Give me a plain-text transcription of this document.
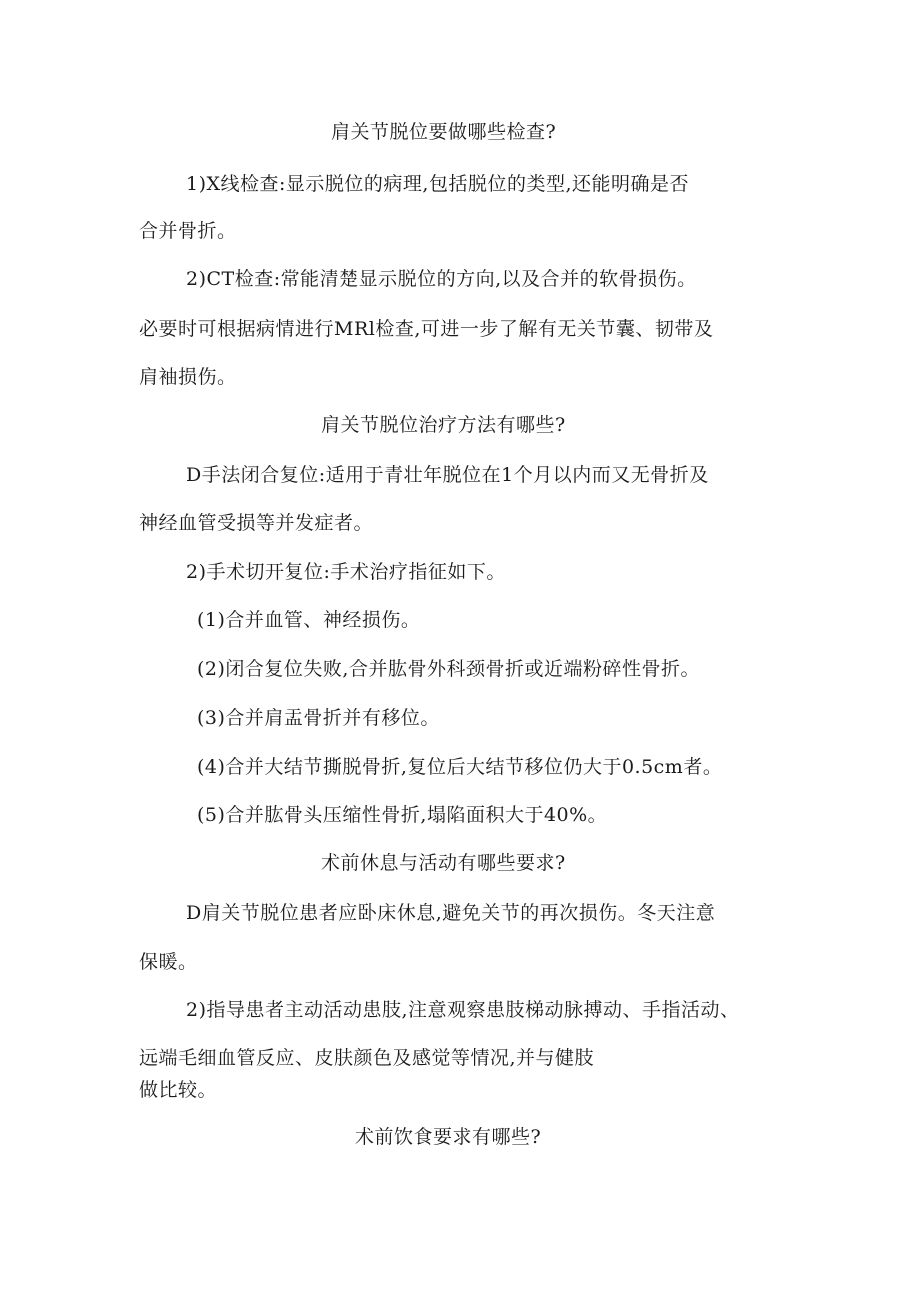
肩关节脱位要做哪些检查?
1)X线检查:显示脱位的病理,包括脱位的类型,还能明确是否
合并骨折。
2)CT检查:常能清楚显示脱位的方向,以及合并的软骨损伤。
必要时可根据病情进行MRl检查,可进一步了解有无关节囊、韧带及
肩袖损伤。
肩关节脱位治疗方法有哪些?
D手法闭合复位:适用于青壮年脱位在1个月以内而又无骨折及
神经血管受损等并发症者。
2)手术切开复位:手术治疗指征如下。
(1)合并血管、神经损伤。
(2)闭合复位失败,合并肱骨外科颈骨折或近端粉碎性骨折。
(3)合并肩盂骨折并有移位。
(4)合并大结节撕脱骨折,复位后大结节移位仍大于0.5cm者。
(5)合并肱骨头压缩性骨折,塌陷面积大于40%。
术前休息与活动有哪些要求?
D肩关节脱位患者应卧床休息,避免关节的再次损伤。冬天注意
保暖。
2)指导患者主动活动患肢,注意观察患肢梯动脉搏动、手指活动、
远端毛细血管反应、皮肤颜色及感觉等情况,并与健肢
做比较。
术前饮食要求有哪些?
